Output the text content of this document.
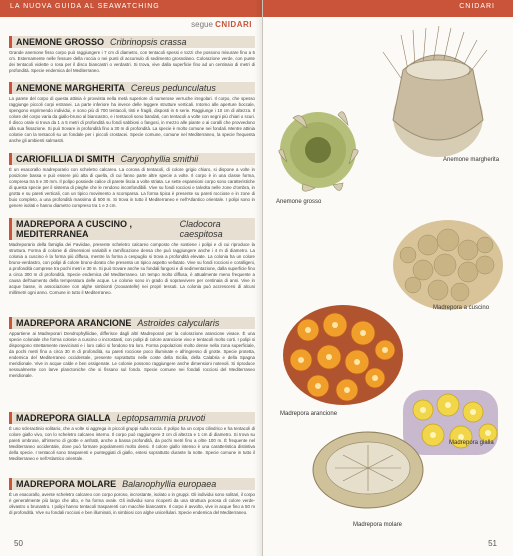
LA NUOVA GUIDA AL SEAWATCHING
segue CNIDARI
ANEMONE GROSSO Cribrinopsis crassa
Grande anemone fisso corpo può raggiungere i 7 cm di diametro, con tentacoli spessi e tozzi che possono misurare fino a 5 cm. Esternamente nelle fessure della roccia o nei punti di accumulo di sedimento grossolano. Colorazione verde, con punte dei tentacoli violette o rosa per il disco biancastri o verdastri. Si trova, vive dalla superficie fino ad un centinaio di metri di profondità. Specie endemica del Mediterraneo.
ANEMONE MARGHERITA Cereus pedunculatus
La parete del corpo di questa attinia è provvista nella metà superiore di numerose verruche irregolari. Il corpo, che spesso raggiunge piccoli corpi estranei. La parte inferiore ha invece delle leggere strutture verticali. Intorno alle aperture boccale, spengono esprimendo individui, e sono più di 700 tentacoli, tinti e fragili, disposti in 6 serie. Raggiunge i 10 cm di altezza. Il colore del corpo varia da giallo-bruno al biancastro, e i tentacoli sono bandati, con tentacoli a volte con segni più chiari o scuri. Il disco orale si trova da 1 a 5 metri di profondità su fondi sabbiosi o fangosi, in mezzo alle piante o ai coralli che provvedono alla sua fissazione. Si può trovare in profondità fino a 30 m di profondità. La specie è molto comune nei fondali. Mentre attinia colonie con la tentacoli su un fondale per i piccoli crostacei. Specie comune, comune nel Mediterraneo, la specie frequenta anche gli ambienti salmastri.
CARIOFILLIA DI SMITH Caryophyllia smithii
È un esacorallo madreporario con scheletro calcareo. La corona di tentacoli, di colore grigio chiaro, si dispone a volte in posizione bassa e può essere più alta di quella, di cui fanno parte altre specie a volte. Il corpo è in una classe forma, compresa tra 5 e 30 mm. Il polipo possiede calice di parete liscia a volte striata. Le sette espansioni corpo sono caratteristiche di questa specie per il sistema di pieghe che le rendono inconfondibili. Vive su fondi rocciosi e talvolta nelle zone d'ombra, in grotta e su pareti verticali, con un tipico movimento a scomparsa. La forma tipica è presente su pareti rocciose e in zone di buio completo, a una profondità massima di 500 m. Si trova in tutto il Mediterraneo e nell'Atlantico orientale. I polipi sono in genere isolati e hanno diametro compreso tra 1 e 2 cm.
MADREPORA A CUSCINO , MEDITERRANEA
Cladocora caespitosa
Madreporario della famiglia dei Faviidae, presente scheletro calcareo composto che sostiene i polipi e di cui riproduce la struttura. Forma di colonie di dimensioni variabili e ramificazione densa che può raggiungere anche i 4 m di diametro. La colonia a cuscino è la forma più diffusa, mentre la forma a cespuglio si trova a profondità elevate. La colonia ha un colore bruno-verdastro, con polipi di colore bruno-dorato che presenta un tipico aspetto vellutato. Vive su fondi rocciosi e coralligeni, a profondità comprese tra pochi metri e 30 m. Si può trovare anche su fondali fangosi e di sedimentazione, dalla superficie fino a circa 300 m di profondità. Specie endemica del Mediterraneo. Un tempo molto diffusa, è attualmente meno frequente a causa dell'aumento della temperatura delle acque. Le colonie sono in grado di sopravvivere per centinaia di anni. Vive in acque basse, in associazione con alghe simbionti (zooxantelle) nei propri tessuti. La colonia può accrescersi di alcuni millimetri ogni anno. Comune in tutto il Mediterraneo.
MADREPORA ARANCIONE Astroides calycularis
Appartiene ai Madreporari Dendrophylliidae, differisce dagli altri Madreporari per la colorazione arancione vivace. È una specie coloniale che forma colonie a cuscino o incrostanti, con polipi di colore arancione vivo e tentacoli molto corti. I polipi si dispongono strettamente ravvicinati e i loro calici si fondono tra loro. Forma popolazioni molto dense nella zona superficiale, da pochi metri fino a circa 30 m di profondità, su pareti rocciose poco illuminate e all'ingresso di grotte. Specie protetta, endemica del Mediterraneo occidentale, presente soprattutto nelle coste della Sicilia, della Calabria e della Spagna meridionale. Vive in acque calde e ben ossigenate. Le colonie possono raggiungere anche dimensioni notevoli. Si riproduce sessualmente con larve planctoniche che si fissano sul fondo. Specie comune nei fondali rocciosi del Mediterraneo meridionale.
MADREPORA GIALLA Leptopsammia pruvoti
È uno scleractinio solitario, che a volte si aggrega in piccoli gruppi sulla roccia. Il polipo ha un corpo cilindrico e ha tentacoli di colore giallo vivo, con lo scheletro calcareo interno. Il corpo può raggiungere 3 cm di altezza e 1 cm di diametro. Si trova su pareti ombrose, all'interno di grotte e anfratti, anche a bassa profondità, da pochi metri fino a oltre 100 m. È frequente nel Mediterraneo occidentale, dove può formare popolamenti molto densi. Il colore giallo intenso è una caratteristica distintiva della specie. I tentacoli sono trasparenti e punteggiati di giallo, estesi soprattutto durante la notte. Specie comune in tutto il Mediterraneo e nell'Atlantico orientale.
MADREPORA MOLARE Balanophyllia europaea
È un esacorallo, avente scheletro calcareo con corpo poroso, incrostante, isolato o in gruppi. Gli individui sono solitari, il corpo è generalmente più largo che alto, e ha forma ovale. Gli individui sono ricoperti da una struttura porosa di colore verde-olivastro o brunastro. I polipi hanno tentacoli trasparenti con macchie biancastre. Il corpo è avvolto, vive in acque fino a 50 m di profondità. Vive su fondali rocciosi e ben illuminati, in simbiosi con alghe unicellulari. Specie endemica del Mediterraneo.
50
CNIDARI
Anemone margherita
Anemone grosso
Madrepora a cuscino
Madrepora arancione
Madrepora gialla
Madrepora molare
51
